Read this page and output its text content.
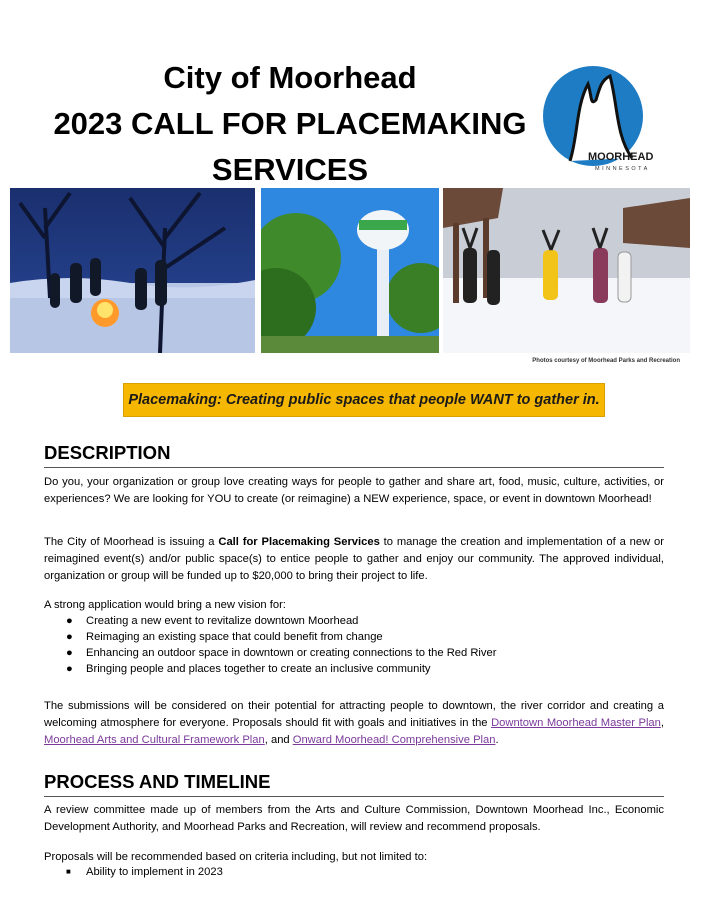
City of Moorhead
2023 CALL FOR PLACEMAKING
SERVICES	MOORHEAD
MINNESOTA
Photos courtesy of Moorhead Parks and Recreation
Placemaking: Creating public spaces that people WANT to gather in.
DESCRIPTION
Do you, your organization or group love creating ways for people to gather and share art, food, music, culture, activities, or experiences? We are looking for YOU to create (or reimagine) a NEW experience, space, or event in downtown Moorhead!
The City of Moorhead is issuing a Call for Placemaking Services to manage the creation and implementation of a new or reimagined event(s) and/or public space(s) to entice people to gather and enjoy our community. The approved individual, organization or group will be funded up to $20,000 to bring their project to life.
A strong application would bring a new vision for:
● Creating a new event to revitalize downtown Moorhead
● Reimaging an existing space that could benefit from change
● Enhancing an outdoor space in downtown or creating connections to the Red River
● Bringing people and places together to create an inclusive community
The submissions will be considered on their potential for attracting people to downtown, the river corridor and creating a welcoming atmosphere for everyone. Proposals should fit with goals and initiatives in the Downtown Moorhead Master Plan, Moorhead Arts and Cultural Framework Plan, and Onward Moorhead! Comprehensive Plan.
PROCESS AND TIMELINE
A review committee made up of members from the Arts and Culture Commission, Downtown Moorhead Inc., Economic Development Authority, and Moorhead Parks and Recreation, will review and recommend proposals.
Proposals will be recommended based on criteria including, but not limited to:
■ Ability to implement in 2023
